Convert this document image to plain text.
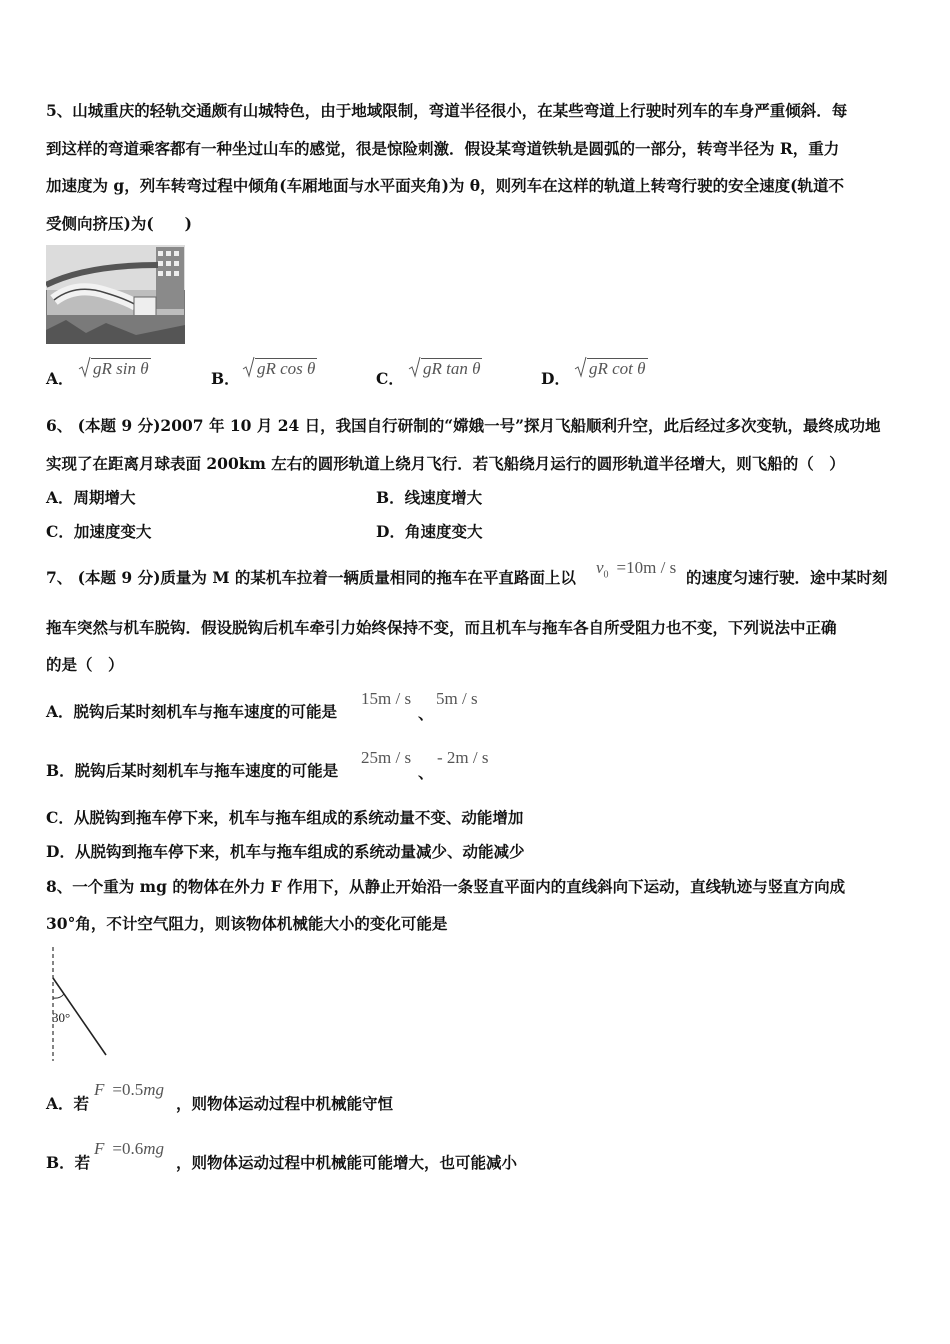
5、山城重庆的轻轨交通颇有山城特色，由于地域限制，弯道半径很小，在某些弯道上行驶时列车的车身严重倾斜．每
到这样的弯道乘客都有一种坐过山车的感觉，很是惊险刺激．假设某弯道铁轨是圆弧的一部分，转弯半径为 R，重力
加速度为 g，列车转弯过程中倾角(车厢地面与水平面夹角)为 θ，则列车在这样的轨道上转弯行驶的安全速度(轨道不
受侧向挤压)为(　　)
A．
gR sin θ
B．
gR cos θ
C．
gR tan θ
D．
gR cot θ
6、 (本题 9 分)2007 年 10 月 24 日，我国自行研制的“嫦娥一号”探月飞船顺利升空，此后经过多次变轨，最终成功地
实现了在距离月球表面 200km 左右的圆形轨道上绕月飞行．若飞船绕月运行的圆形轨道半径增大，则飞船的（　）
A．周期增大	B．线速度增大
C．加速度变大	D．角速度变大
7、 (本题 9 分)质量为 M 的某机车拉着一辆质量相同的拖车在平直路面上以
$v_0 =10m / s$
的速度匀速行驶．途中某时刻
拖车突然与机车脱钩．假设脱钩后机车牵引力始终保持不变，而且机车与拖车各自所受阻力也不变，下列说法中正确
的是（　）
A．脱钩后某时刻机车与拖车速度的可能是
15m / s
、
5m / s
B．脱钩后某时刻机车与拖车速度的可能是
25m / s
、
- 2m / s
C．从脱钩到拖车停下来，机车与拖车组成的系统动量不变、动能增加
D．从脱钩到拖车停下来，机车与拖车组成的系统动量减少、动能减少
8、一个重为 mg 的物体在外力 F 作用下，从静止开始沿一条竖直平面内的直线斜向下运动，直线轨迹与竖直方向成
30°角，不计空气阻力，则该物体机械能大小的变化可能是
30°
A．若
F =0.5mg
，则物体运动过程中机械能守恒
B．若
F =0.6mg
，则物体运动过程中机械能可能增大，也可能减小
